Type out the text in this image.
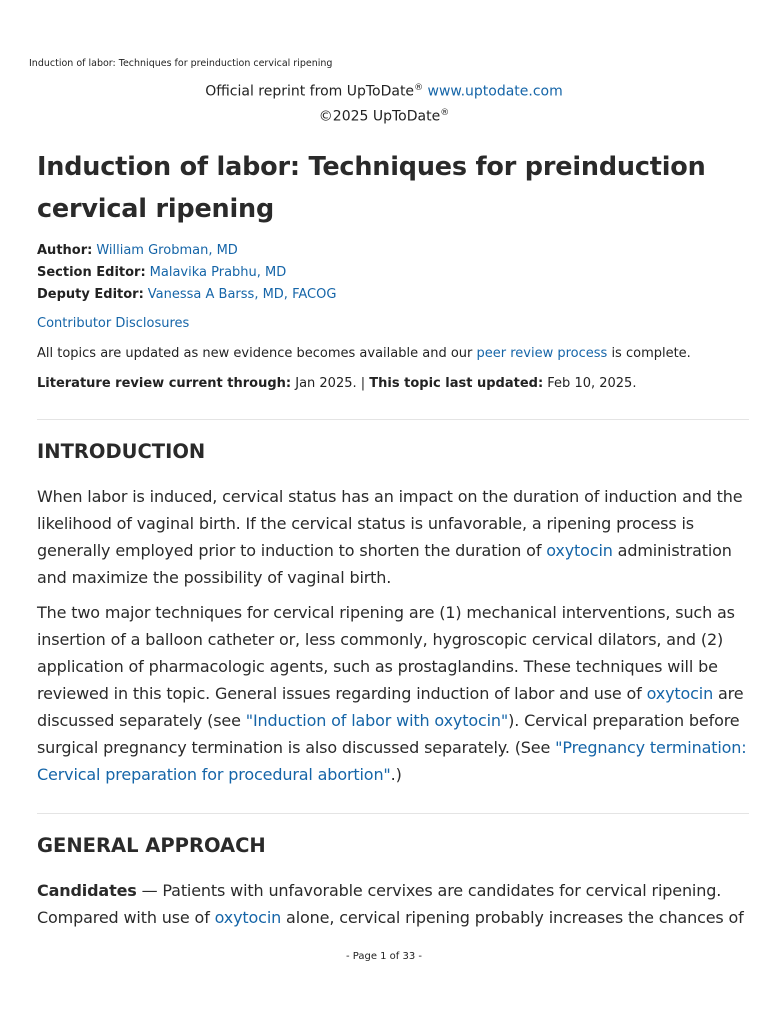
Induction of labor: Techniques for preinduction cervical ripening
Official reprint from UpToDate® www.uptodate.com
©2025 UpToDate®
Induction of labor: Techniques for preinduction cervical ripening
Author: William Grobman, MD
Section Editor: Malavika Prabhu, MD
Deputy Editor: Vanessa A Barss, MD, FACOG
Contributor Disclosures
All topics are updated as new evidence becomes available and our peer review process is complete.
Literature review current through: Jan 2025. | This topic last updated: Feb 10, 2025.
INTRODUCTION

When labor is induced, cervical status has an impact on the duration of induction and the likelihood of vaginal birth. If the cervical status is unfavorable, a ripening process is generally employed prior to induction to shorten the duration of oxytocin administration and maximize the possibility of vaginal birth.

The two major techniques for cervical ripening are (1) mechanical interventions, such as insertion of a balloon catheter or, less commonly, hygroscopic cervical dilators, and (2) application of pharmacologic agents, such as prostaglandins. These techniques will be reviewed in this topic. General issues regarding induction of labor and use of oxytocin are discussed separately (see "Induction of labor with oxytocin"). Cervical preparation before surgical pregnancy termination is also discussed separately. (See "Pregnancy termination: Cervical preparation for procedural abortion".)

GENERAL APPROACH

Candidates — Patients with unfavorable cervixes are candidates for cervical ripening. Compared with use of oxytocin alone, cervical ripening probably increases the chances of

- Page 1 of 33 -
